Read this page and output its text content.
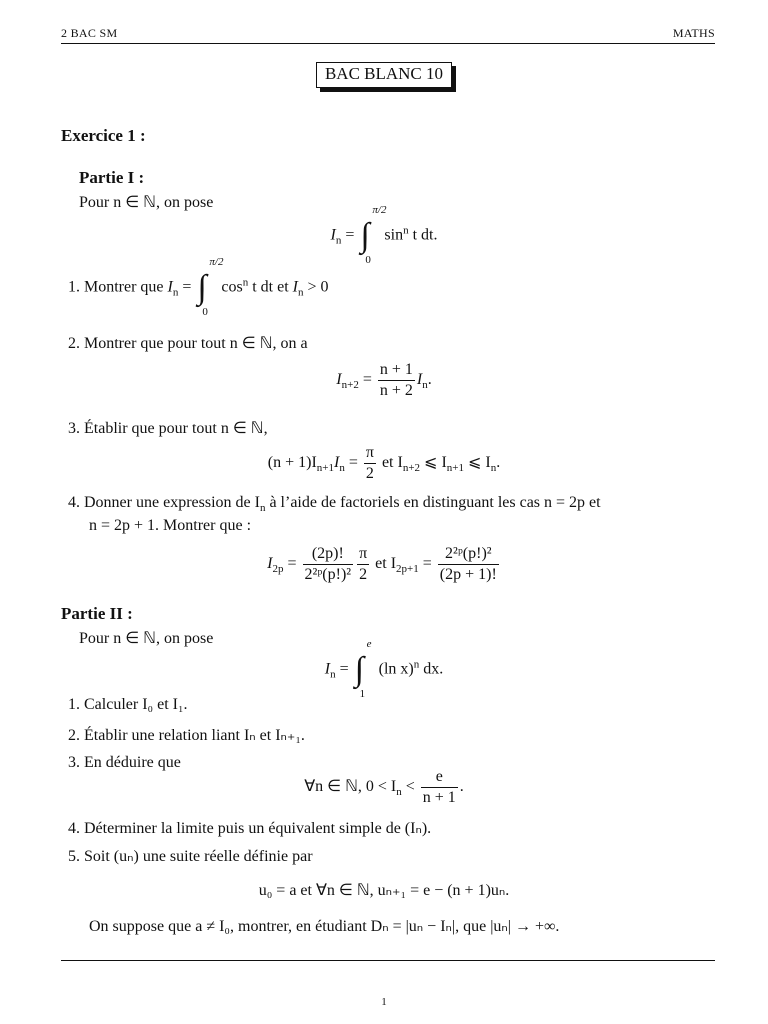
2 BAC SM	MATHS
BAC BLANC 10
Exercice 1 :
Partie I :
Pour n ∈ ℕ, on pose
$I_n$ = ∫
π/2
0
$\sin^n t$ dt.
1. Montrer que $I_n$ = ∫
π/2
0
$\cos^n t$ dt et $I_n > 0$
2. Montrer que pour tout n ∈ ℕ, on a
$I_{n+2} = \frac{n + 1}{n + 2} I_n$.
3. Établir que pour tout n ∈ ℕ,
$(n + 1)I_{n+1}I_n = \frac{\pi}{2}$ et $I_{n+2}$ ⩽ $I_{n+1}$ ⩽ $I_n$.
4. Donner une expression de $I_n$ à l’aide de factoriels en distinguant les cas n = 2p et
n = 2p + 1. Montrer que :
$I_{2p} = \frac{(2p)!}{\text{2²ᵖ(p!)²}} \frac{\pi}{2}$ et $I_{2p+1} = \frac{\text{2²ᵖ(p!)²}}{(2p + 1)!}$
Partie II :
Pour n ∈ ℕ, on pose
$I_n$ = ∫
e
1
(ln x)$^n$ dx.
1. Calculer I₀ et I₁.
2. Établir une relation liant Iₙ et Iₙ₊₁.
3. En déduire que
∀n ∈ ℕ, $0 < I_n < \frac{e}{n + 1}$ .
4. Déterminer la limite puis un équivalent simple de (Iₙ).
5. Soit (uₙ) une suite réelle définie par
u₀ = a et ∀n ∈ ℕ, uₙ₊₁ = e − (n + 1)uₙ.
On suppose que a ≠ I₀, montrer, en étudiant Dₙ = |uₙ − Iₙ|, que |uₙ| → +∞.
1
